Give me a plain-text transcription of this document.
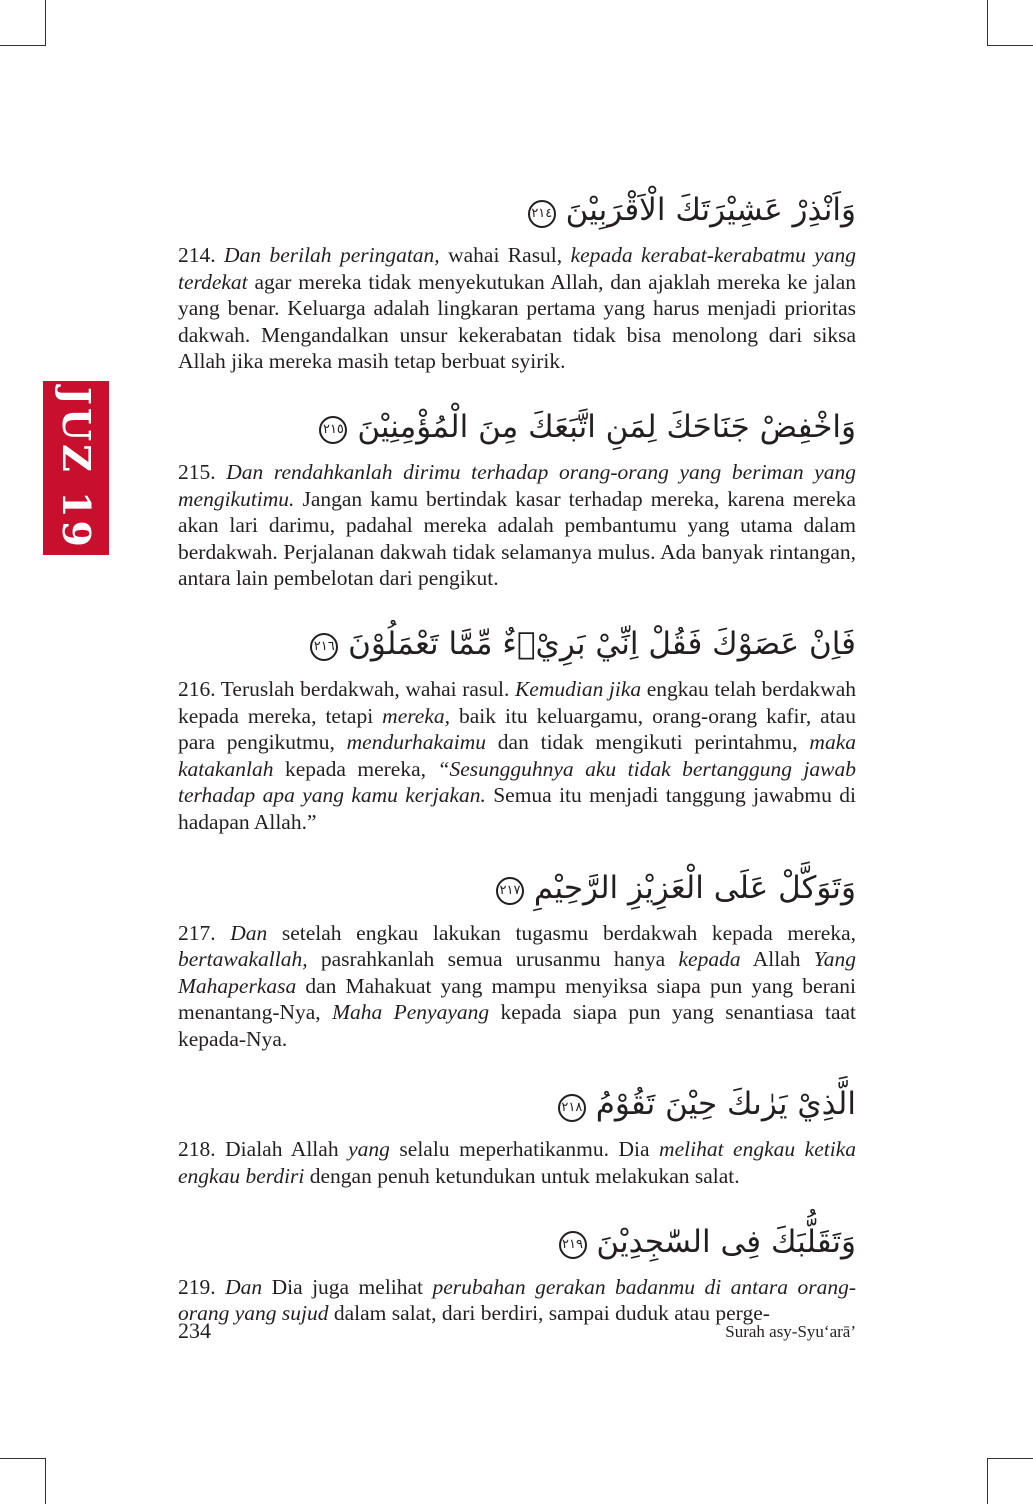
JUZ 19
وَاَنْذِرْ عَشِيْرَتَكَ الْاَقْرَبِيْنَ ٢١٤

214. Dan berilah peringatan, wahai Rasul, kepada kerabat-kerabatmu yang terdekat agar mereka tidak menyekutukan Allah, dan ajaklah mereka ke jalan yang benar. Keluarga adalah lingkaran pertama yang harus menjadi prioritas dakwah. Mengandalkan unsur kekerabatan tidak bisa menolong dari siksa Allah jika mereka masih tetap berbuat syirik.

وَاخْفِضْ جَنَاحَكَ لِمَنِ اتَّبَعَكَ مِنَ الْمُؤْمِنِيْنَ ٢١٥

215. Dan rendahkanlah dirimu terhadap orang-orang yang beriman yang mengikutimu. Jangan kamu bertindak kasar terhadap mereka, karena mereka akan lari darimu, padahal mereka adalah pembantumu yang utama dalam berdakwah. Perjalanan dakwah tidak selamanya mulus. Ada banyak rintangan, antara lain pembelotan dari pengikut.

فَاِنْ عَصَوْكَ فَقُلْ اِنِّيْ بَرِيْۤءٌ مِّمَّا تَعْمَلُوْنَ ٢١٦

216. Teruslah berdakwah, wahai rasul. Kemudian jika engkau telah berdakwah kepada mereka, tetapi mereka, baik itu keluargamu, orang-orang kafir, atau para pengikutmu, mendurhakaimu dan tidak mengikuti perintahmu, maka katakanlah kepada mereka, “Sesungguhnya aku tidak bertanggung jawab terhadap apa yang kamu kerjakan. Semua itu menjadi tanggung jawabmu di hadapan Allah.”

وَتَوَكَّلْ عَلَى الْعَزِيْزِ الرَّحِيْمِ ٢١٧

217. Dan setelah engkau lakukan tugasmu berdakwah kepada mereka, bertawakallah, pasrahkanlah semua urusanmu hanya kepada Allah Yang Mahaperkasa dan Mahakuat yang mampu menyiksa siapa pun yang berani menantang-Nya, Maha Penyayang kepada siapa pun yang senantiasa taat kepada-Nya.

الَّذِيْ يَرٰىكَ حِيْنَ تَقُوْمُ ٢١٨

218. Dialah Allah yang selalu meperhatikanmu. Dia melihat engkau ketika engkau berdiri dengan penuh ketundukan untuk melakukan salat.

وَتَقَلُّبَكَ فِى السّٰجِدِيْنَ ٢١٩

219. Dan Dia juga melihat perubahan gerakan badanmu di antara orang-orang yang sujud dalam salat, dari berdiri, sampai duduk atau perge-

234	Surah asy-Syu‘arā’
